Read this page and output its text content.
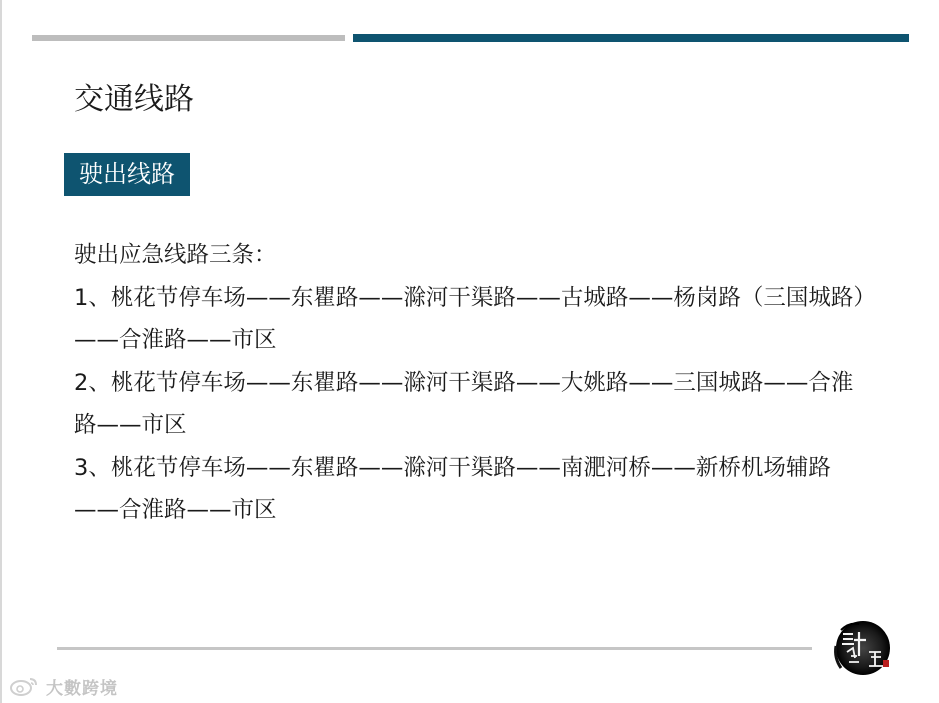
交通线路
驶出线路

驶出应急线路三条：

1、桃花节停车场——东瞿路——滁河干渠路——古城路——杨岗路（三国城路）——合淮路——市区

2、桃花节停车场——东瞿路——滁河干渠路——大姚路——三国城路——合淮路——市区

3、桃花节停车场——东瞿路——滁河干渠路——南淝河桥——新桥机场辅路——合淮路——市区

大數跨境
